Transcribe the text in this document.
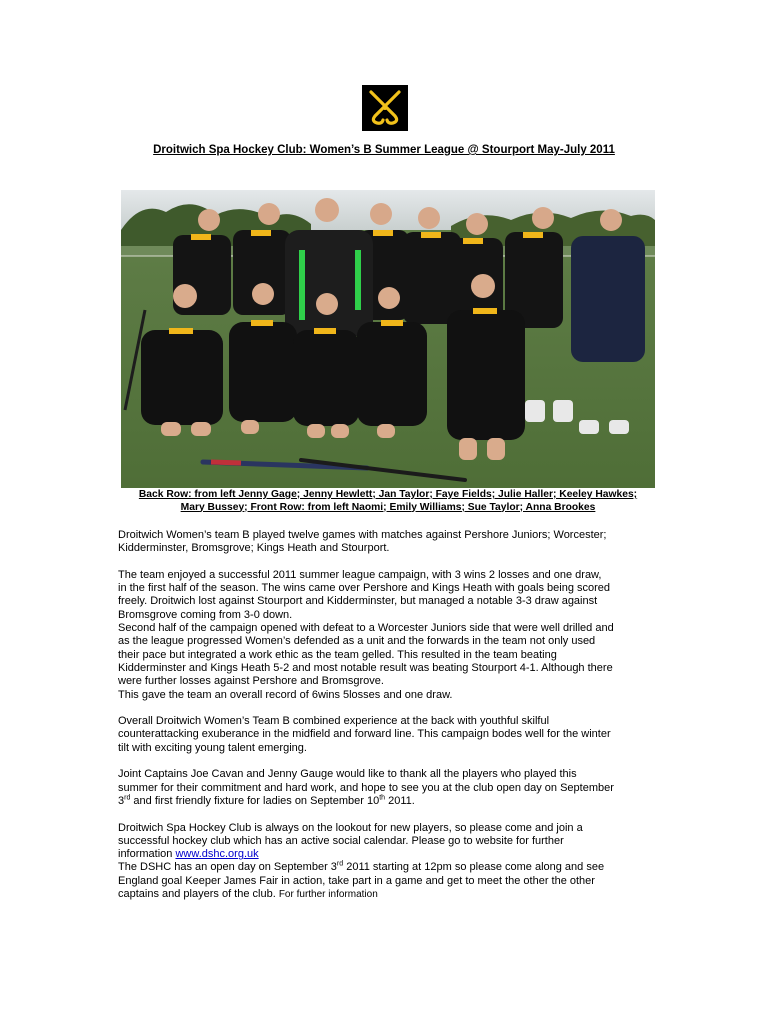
Droitwich Spa Hockey Club: Women’s B Summer League @ Stourport May-July 2011
Back Row: from left Jenny Gage; Jenny Hewlett; Jan Taylor; Faye Fields; Julie Haller; Keeley Hawkes;
Mary Bussey; Front Row: from left Naomi; Emily Williams; Sue Taylor; Anna Brookes

Droitwich Women’s team B played twelve games with matches against Pershore Juniors; Worcester;

Kidderminster, Bromsgrove; Kings Heath and Stourport.

The team enjoyed a successful 2011 summer league campaign, with 3 wins 2 losses and one draw,

in the first half of the season. The wins came over Pershore and Kings Heath with goals being scored

freely. Droitwich lost against Stourport and Kidderminster, but managed a notable 3-3 draw against

Bromsgrove coming from 3-0 down.

Second half of the campaign opened with defeat to a Worcester Juniors side that were well drilled and

as the league progressed Women’s defended as a unit and the forwards in the team not only used

their pace but integrated a work ethic as the team gelled. This resulted in the team beating

Kidderminster and Kings Heath 5-2 and most notable result was beating Stourport 4-1. Although there

were further losses against Pershore and Bromsgrove.

This gave the team an overall record of 6wins 5losses and one draw.

Overall Droitwich Women’s Team B combined experience at the back with youthful skilful

counterattacking exuberance in the midfield and forward line. This campaign bodes well for the winter

tilt with exciting young talent emerging.

Joint Captains Joe Cavan and Jenny Gauge would like to thank all the players who played this

summer for their commitment and hard work, and hope to see you at the club open day on September

3rd and first friendly fixture for ladies on September 10th 2011.

Droitwich Spa Hockey Club is always on the lookout for new players, so please come and join a

successful hockey club which has an active social calendar. Please go to website for further

information www.dshc.org.uk

The DSHC has an open day on September 3rd 2011 starting at 12pm so please come along and see

England goal Keeper James Fair in action, take part in a game and get to meet the other the other

captains and players of the club. For further information
